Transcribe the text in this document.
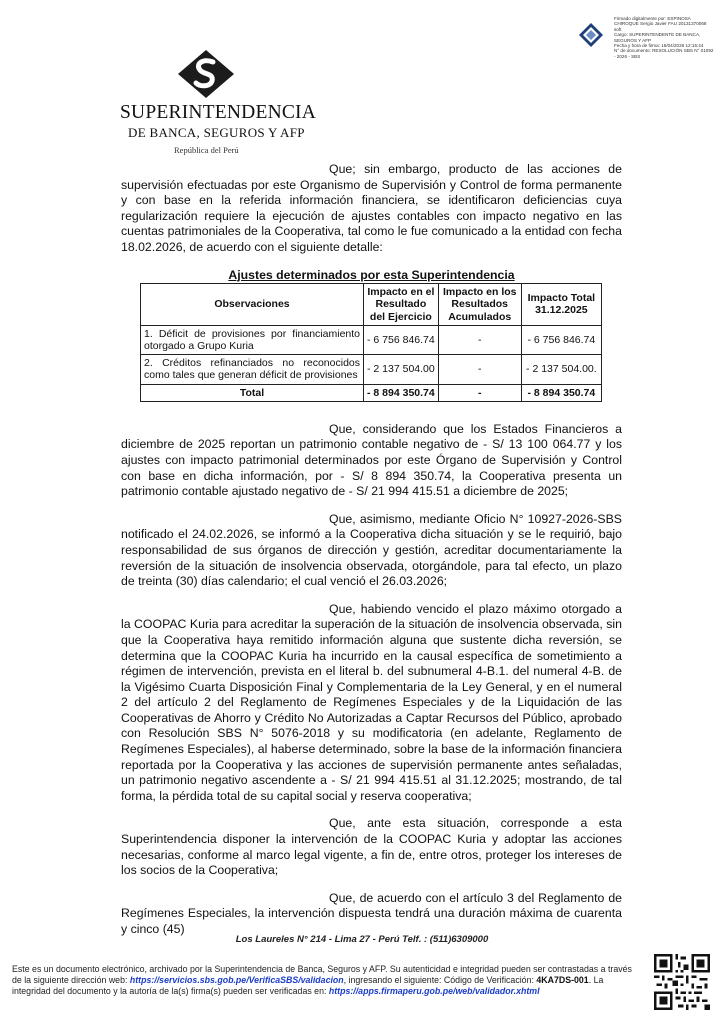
Firmado digitalmente por: ESPINOSA CHIROQUE Sergio Javier FAU 20131370068 soft
Cargo: SUPERINTENDENTE DE BANCA, SEGUROS Y AFP
Fecha y hora de firma: 15/04/2026 12:15:44
N° de documento: RESOLUCIÓN SBS N° 01092 - 2026 - SBS
SUPERINTENDENCIA
DE BANCA, SEGUROS Y AFP
República del Perú

Que; sin embargo, producto de las acciones de supervisión efectuadas por este Organismo de Supervisión y Control de forma permanente y con base en la referida información financiera, se identificaron deficiencias cuya regularización requiere la ejecución de ajustes contables con impacto negativo en las cuentas patrimoniales de la Cooperativa, tal como le fue comunicado a la entidad con fecha 18.02.2026, de acuerdo con el siguiente detalle:

Ajustes determinados por esta Superintendencia
Observaciones	Impacto en el Resultado del Ejercicio	Impacto en los Resultados Acumulados	Impacto Total 31.12.2025
1. Déficit de provisiones por financiamiento otorgado a Grupo Kuria	- 6 756 846.74	-	- 6 756 846.74
2. Créditos refinanciados no reconocidos como tales que generan déficit de provisiones	- 2 137 504.00	-	- 2 137 504.00.
Total	- 8 894 350.74	-	- 8 894 350.74

Que, considerando que los Estados Financieros a diciembre de 2025 reportan un patrimonio contable negativo de - S/ 13 100 064.77 y los ajustes con impacto patrimonial determinados por este Órgano de Supervisión y Control con base en dicha información, por - S/ 8 894 350.74, la Cooperativa presenta un patrimonio contable ajustado negativo de - S/ 21 994 415.51 a diciembre de 2025;

Que, asimismo, mediante Oficio N° 10927-2026-SBS notificado el 24.02.2026, se informó a la Cooperativa dicha situación y se le requirió, bajo responsabilidad de sus órganos de dirección y gestión, acreditar documentariamente la reversión de la situación de insolvencia observada, otorgándole, para tal efecto, un plazo de treinta (30) días calendario; el cual venció el 26.03.2026;

Que, habiendo vencido el plazo máximo otorgado a la COOPAC Kuria para acreditar la superación de la situación de insolvencia observada, sin que la Cooperativa haya remitido información alguna que sustente dicha reversión, se determina que la COOPAC Kuria ha incurrido en la causal específica de sometimiento a régimen de intervención, prevista en el literal b. del subnumeral 4-B.1. del numeral 4-B. de la Vigésimo Cuarta Disposición Final y Complementaria de la Ley General, y en el numeral 2 del artículo 2 del Reglamento de Regímenes Especiales y de la Liquidación de las Cooperativas de Ahorro y Crédito No Autorizadas a Captar Recursos del Público, aprobado con Resolución SBS N° 5076-2018 y su modificatoria (en adelante, Reglamento de Regímenes Especiales), al haberse determinado, sobre la base de la información financiera reportada por la Cooperativa y las acciones de supervisión permanente antes señaladas, un patrimonio negativo ascendente a - S/ 21 994 415.51 al 31.12.2025; mostrando, de tal forma, la pérdida total de su capital social y reserva cooperativa;

Que, ante esta situación, corresponde a esta Superintendencia disponer la intervención de la COOPAC Kuria y adoptar las acciones necesarias, conforme al marco legal vigente, a fin de, entre otros, proteger los intereses de los socios de la Cooperativa;

Que, de acuerdo con el artículo 3 del Reglamento de Regímenes Especiales, la intervención dispuesta tendrá una duración máxima de cuarenta y cinco (45)

Los Laureles N° 214 - Lima 27 - Perú Telf. : (511)6309000
Este es un documento electrónico, archivado por la Superintendencia de Banca, Seguros y AFP. Su autenticidad e integridad pueden ser contrastadas a través de la siguiente dirección web: https://servicios.sbs.gob.pe/VerificaSBS/validacion, ingresando el siguiente: Código de Verificación: 4KA7DS-001. La integridad del documento y la autoría de la(s) firma(s) pueden ser verificadas en: https://apps.firmaperu.gob.pe/web/validador.xhtml
